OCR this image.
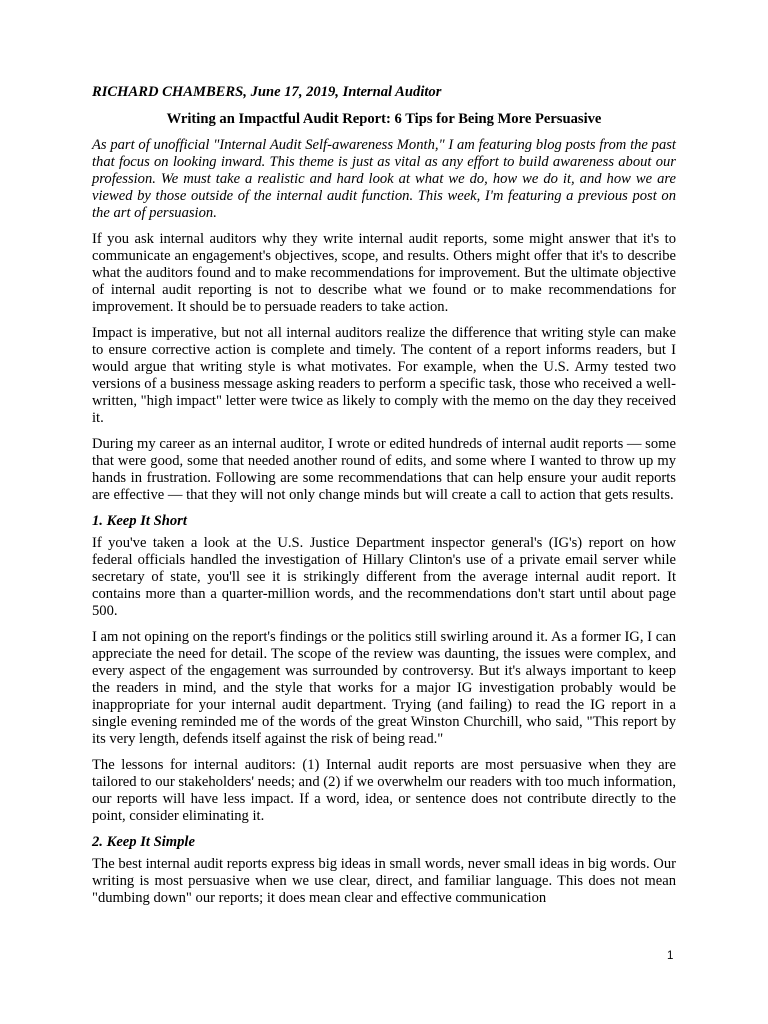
RICHARD CHAMBERS, June 17, 2019, Internal Auditor
Writing an Impactful Audit Report: 6 Tips for Being More Persuasive

As part of unofficial "Internal Audit Self-awareness Month," I am featuring blog posts from the past that focus on looking inward. This theme is just as vital as any effort to build awareness about our profession. We must take a realistic and hard look at what we do, how we do it, and how we are viewed by those outside of the internal audit function. This week, I'm featuring a previous post on the art of persuasion.

If you ask internal auditors why they write internal audit reports, some might answer that it's to communicate an engagement's objectives, scope, and results. Others might offer that it's to describe what the auditors found and to make recommendations for improvement. But the ultimate objective of internal audit reporting is not to describe what we found or to make recommendations for improvement. It should be to persuade readers to take action.

Impact is imperative, but not all internal auditors realize the difference that writing style can make to ensure corrective action is complete and timely. The content of a report informs readers, but I would argue that writing style is what motivates. For example, when the U.S. Army tested two versions of a business message asking readers to perform a specific task, those who received a well-written, "high impact" letter were twice as likely to comply with the memo on the day they received it.

During my career as an internal auditor, I wrote or edited hundreds of internal audit reports — some that were good, some that needed another round of edits, and some where I wanted to throw up my hands in frustration. Following are some recommendations that can help ensure your audit reports are effective — that they will not only change minds but will create a call to action that gets results.

1. Keep It Short

If you've taken a look at the U.S. Justice Department inspector general's (IG's) report on how federal officials handled the investigation of Hillary Clinton's use of a private email server while secretary of state, you'll see it is strikingly different from the average internal audit report. It contains more than a quarter-million words, and the recommendations don't start until about page 500.

I am not opining on the report's findings or the politics still swirling around it. As a former IG, I can appreciate the need for detail. The scope of the review was daunting, the issues were complex, and every aspect of the engagement was surrounded by controversy. But it's always important to keep the readers in mind, and the style that works for a major IG investigation probably would be inappropriate for your internal audit department. Trying (and failing) to read the IG report in a single evening reminded me of the words of the great Winston Churchill, who said, "This report by its very length, defends itself against the risk of being read."

The lessons for internal auditors: (1) Internal audit reports are most persuasive when they are tailored to our stakeholders' needs; and (2) if we overwhelm our readers with too much information, our reports will have less impact. If a word, idea, or sentence does not contribute directly to the point, consider eliminating it.

2. Keep It Simple

The best internal audit reports express big ideas in small words, never small ideas in big words. Our writing is most persuasive when we use clear, direct, and familiar language. This does not mean "dumbing down" our reports; it does mean clear and effective communication

1
